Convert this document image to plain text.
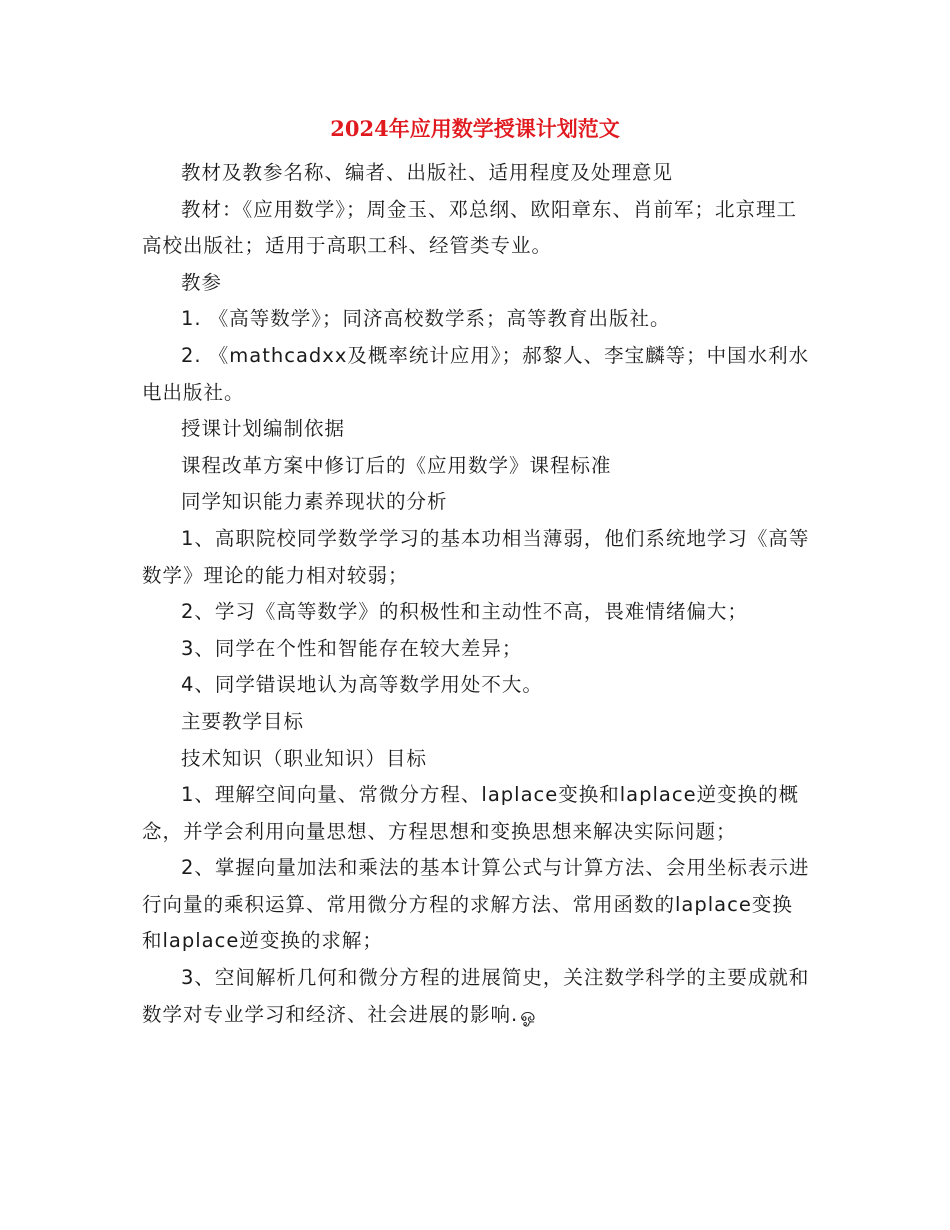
2024年应用数学授课计划范文

教材及教参名称、编者、出版社、适用程度及处理意见

教材：《应用数学》；周金玉、邓总纲、欧阳章东、肖前军；北京理工高校出版社；适用于高职工科、经管类专业。

教参

1. 《高等数学》；同济高校数学系；高等教育出版社。

2. 《mathcadxx及概率统计应用》；郝黎人、李宝麟等；中国水利水电出版社。

授课计划编制依据

课程改革方案中修订后的《应用数学》课程标准

同学知识能力素养现状的分析

1、高职院校同学数学学习的基本功相当薄弱，他们系统地学习《高等数学》理论的能力相对较弱；

2、学习《高等数学》的积极性和主动性不高，畏难情绪偏大；

3、同学在个性和智能存在较大差异；

4、同学错误地认为高等数学用处不大。

主要教学目标

技术知识（职业知识）目标

1、理解空间向量、常微分方程、laplace变换和laplace逆变换的概念，并学会利用向量思想、方程思想和变换思想来解决实际问题；

2、掌握向量加法和乘法的基本计算公式与计算方法、会用坐标表示进行向量的乘积运算、常用微分方程的求解方法、常用函数的laplace变换和laplace逆变换的求解；

3、空间解析几何和微分方程的进展简史，关注数学科学的主要成就和数学对专业学习和经济、社会进展的影响. ஓ
